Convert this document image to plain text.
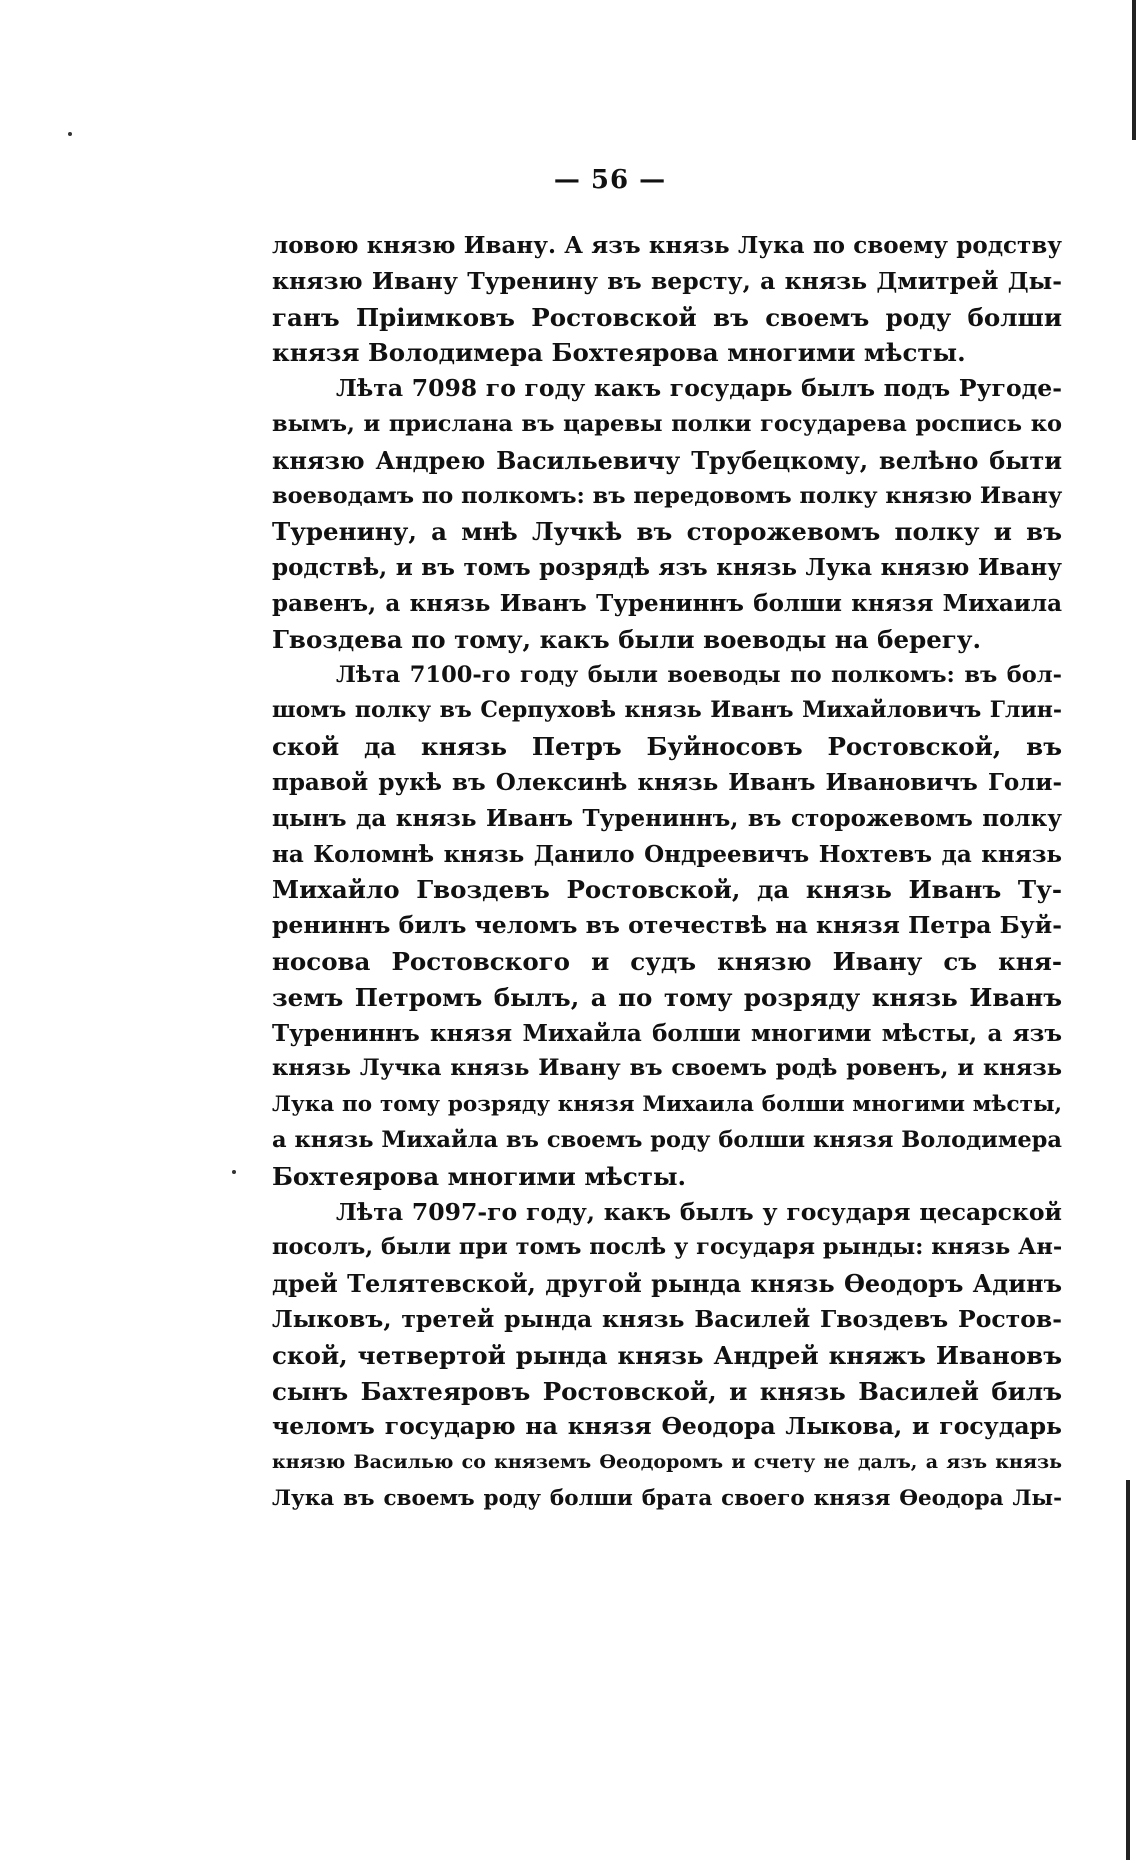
— 56 —
ловою князю Ивану. А язъ князь Лука по своему родству
князю Ивану Туренину въ версту, а князь Дмитрей Ды-
ганъ Прiимковъ Ростовской въ своемъ роду болши
князя Володимера Бохтеярова многими мѣсты.
Лѣта 7098 го году какъ государь былъ подъ Ругоде-
вымъ, и прислана въ царевы полки государева роспись ко
князю Андрею Васильевичу Трубецкому, велѣно быти
воеводамъ по полкомъ: въ передовомъ полку князю Ивану
Туренину, а мнѣ Лучкѣ въ сторожевомъ полку и въ
родствѣ, и въ томъ розрядѣ язъ князь Лука князю Ивану
равенъ, а князь Иванъ Турениннъ болши князя Михаила
Гвоздева по тому, какъ были воеводы на берегу.
Лѣта 7100-го году были воеводы по полкомъ: въ бол-
шомъ полку въ Серпуховѣ князь Иванъ Михайловичъ Глин-
ской да князь Петръ Буйносовъ Ростовской, въ
правой рукѣ въ Олексинѣ князь Иванъ Ивановичъ Голи-
цынъ да князь Иванъ Турениннъ, въ сторожевомъ полку
на Коломнѣ князь Данило Ондреевичъ Нохтевъ да князь
Михайло Гвоздевъ Ростовской, да князь Иванъ Ту-
рениннъ билъ челомъ въ отечествѣ на князя Петра Буй-
носова Ростовского и судъ князю Ивану съ кня-
земъ Петромъ былъ, а по тому розряду князь Иванъ
Турениннъ князя Михайла болши многими мѣсты, а язъ
князь Лучка князь Ивану въ своемъ родѣ ровенъ, и князь
Лука по тому розряду князя Михаила болши многими мѣсты,
а князь Михайла въ своемъ роду болши князя Володимера
Бохтеярова многими мѣсты.
Лѣта 7097-го году, какъ былъ у государя цесарской
посолъ, были при томъ послѣ у государя рынды: князь Ан-
дрей Телятевской, другой рында князь Ѳеодоръ Адинъ
Лыковъ, третей рында князь Василей Гвоздевъ Ростов-
ской, четвертой рында князь Андрей княжъ Ивановъ
сынъ Бахтеяровъ Ростовской, и князь Василей билъ
челомъ государю на князя Ѳеодора Лыкова, и государь
князю Василью со княземъ Ѳеодоромъ и счету не далъ, а язъ князь
Лука въ своемъ роду болши брата своего князя Ѳеодора Лы-
